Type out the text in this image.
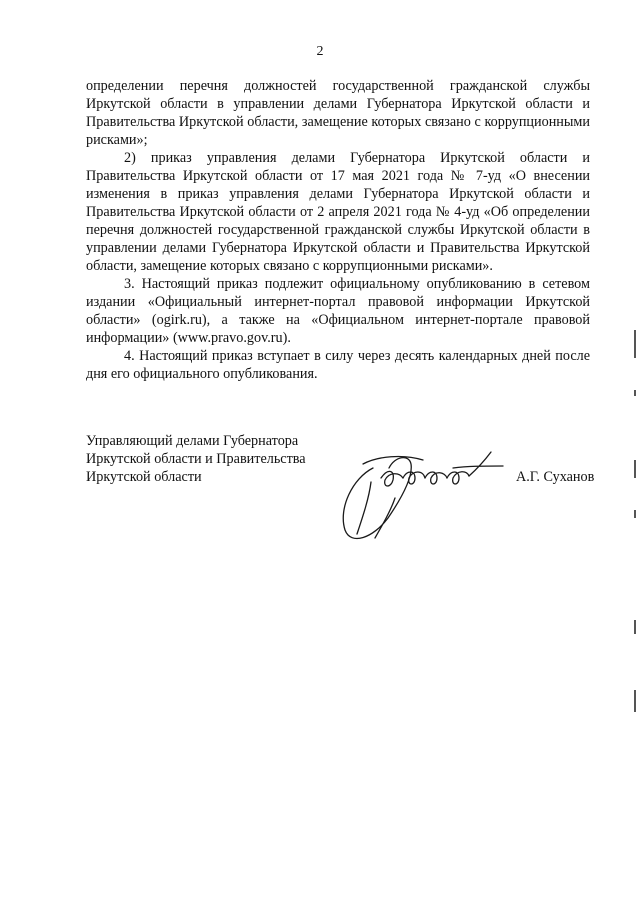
2

определении перечня должностей государственной гражданской службы Иркутской области в управлении делами Губернатора Иркутской области и Правительства Иркутской области, замещение которых связано с коррупционными рисками»;

2) приказ управления делами Губернатора Иркутской области и Правительства Иркутской области от 17 мая 2021 года № 7-уд «О внесении изменения в приказ управления делами Губернатора Иркутской области и Правительства Иркутской области от 2 апреля 2021 года № 4-уд «Об определении перечня должностей государственной гражданской службы Иркутской области в управлении делами Губернатора Иркутской области и Правительства Иркутской области, замещение которых связано с коррупционными рисками».

3. Настоящий приказ подлежит официальному опубликованию в сетевом издании «Официальный интернет-портал правовой информации Иркутской области» (ogirk.ru), а также на «Официальном интернет-портале правовой информации» (www.pravo.gov.ru).

4. Настоящий приказ вступает в силу через десять календарных дней после дня его официального опубликования.

Управляющий делами Губернатора
Иркутской области и Правительства
Иркутской области	А.Г. Суханов
